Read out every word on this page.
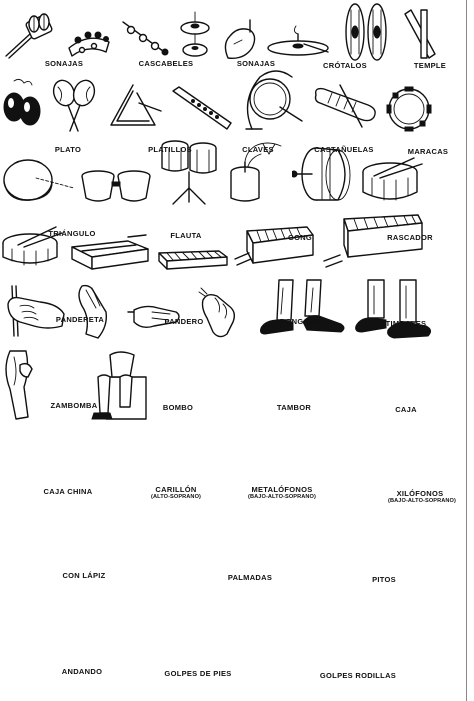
SONAJAS
	CASCABELES
	SONAJAS
	CRÓTALOS
	TEMPLE

PLATO
	PLATILLOS
	CLAVES
	CASTAÑUELAS
	MARACAS

TRIÁNGULO
	FLAUTA
	GONG
	RASCADOR

PANDERETA
	PANDERO
	BONGOES
	TIMBALES

ZAMBOMBA
	BOMBO
	TAMBOR
	CAJA

CAJA CHINA
	CARILLÓN
(ALTO-SOPRANO)

METALÓFONOS
(BAJO-ALTO-SOPRANO)
	XILÓFONOS
(BAJO-ALTO-SOPRANO)

CON LÁPIZ
	PALMADAS
	PITOS

ANDANDO
	GOLPES DE PIES	GOLPES RODILLAS
